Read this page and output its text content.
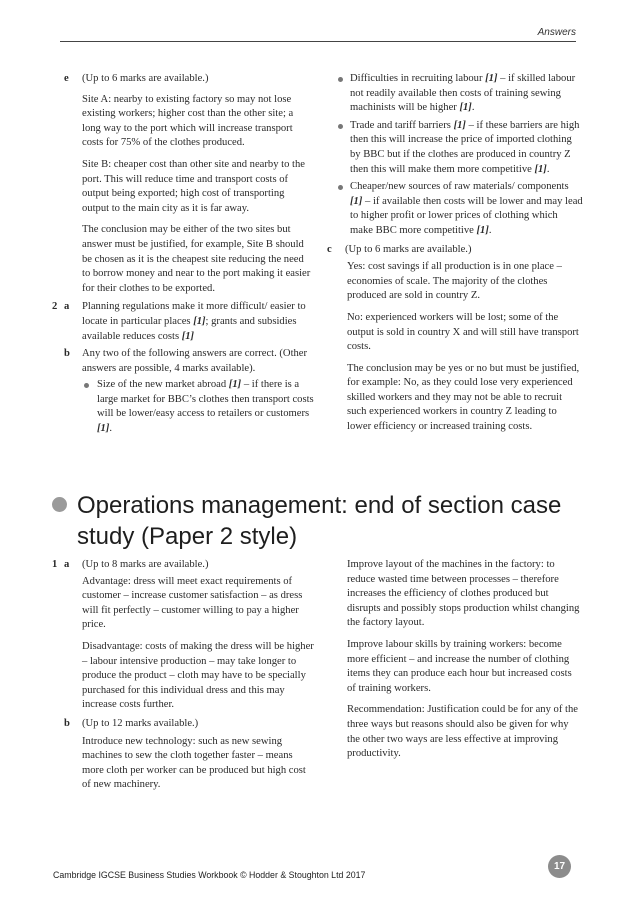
Answers
e	(Up to 6 marks are available.)

Site A: nearby to existing factory so may not lose existing workers; higher cost than the other site; a long way to the port which will increase transport costs for 75% of the clothes produced.

Site B: cheaper cost than other site and nearby to the port. This will reduce time and transport costs of output being exported; high cost of transporting output to the main city as it is far away.

The conclusion may be either of the two sites but answer must be justified, for example, Site B should be chosen as it is the cheapest site reducing the need to borrow money and near to the port making it easier for their clothes to be exported.

2 a	Planning regulations make it more difficult/ easier to locate in particular places [1]; grants and subsidies available reduces costs [1]
b	Any two of the following answers are correct. (Other answers are possible, 4 marks available).
Size of the new market abroad [1] – if there is a large market for BBC’s clothes then transport costs will be lower/easy access to retailers or customers [1].
Difficulties in recruiting labour [1] – if skilled labour not readily available then costs of training sewing machinists will be higher [1].
Trade and tariff barriers [1] – if these barriers are high then this will increase the price of imported clothing by BBC but if the clothes are produced in country Z then this will make them more competitive [1].
Cheaper/new sources of raw materials/ components [1] – if available then costs will be lower and may lead to higher profit or lower prices of clothing which make BBC more competitive [1].
c	(Up to 6 marks are available.)

Yes: cost savings if all production is in one place – economies of scale. The majority of the clothes produced are sold in country Z.

No: experienced workers will be lost; some of the output is sold in country X and will still have transport costs.

The conclusion may be yes or no but must be justified, for example: No, as they could lose very experienced skilled workers and they may not be able to recruit such experienced workers in country Z leading to lower efficiency or increased training costs.

Operations management: end of section case study (Paper 2 style)
1 a	(Up to 8 marks are available.)

Advantage: dress will meet exact requirements of customer – increase customer satisfaction – as dress will fit perfectly – customer willing to pay a higher price.

Disadvantage: costs of making the dress will be higher – labour intensive production – may take longer to produce the product – cloth may have to be specially purchased for this individual dress and this may increase costs further.

b	(Up to 12 marks available.)

Introduce new technology: such as new sewing machines to sew the cloth together faster – means more cloth per worker can be produced but high cost of new machinery.

Improve layout of the machines in the factory: to reduce wasted time between processes – therefore increases the efficiency of clothes produced but disrupts and possibly stops production whilst changing the factory layout.

Improve labour skills by training workers: become more efficient – and increase the number of clothing items they can produce each hour but increased costs of training workers.

Recommendation: Justification could be for any of the three ways but reasons should also be given for why the other two ways are less effective at improving productivity.

Cambridge IGCSE Business Studies Workbook © Hodder & Stoughton Ltd 2017
17
